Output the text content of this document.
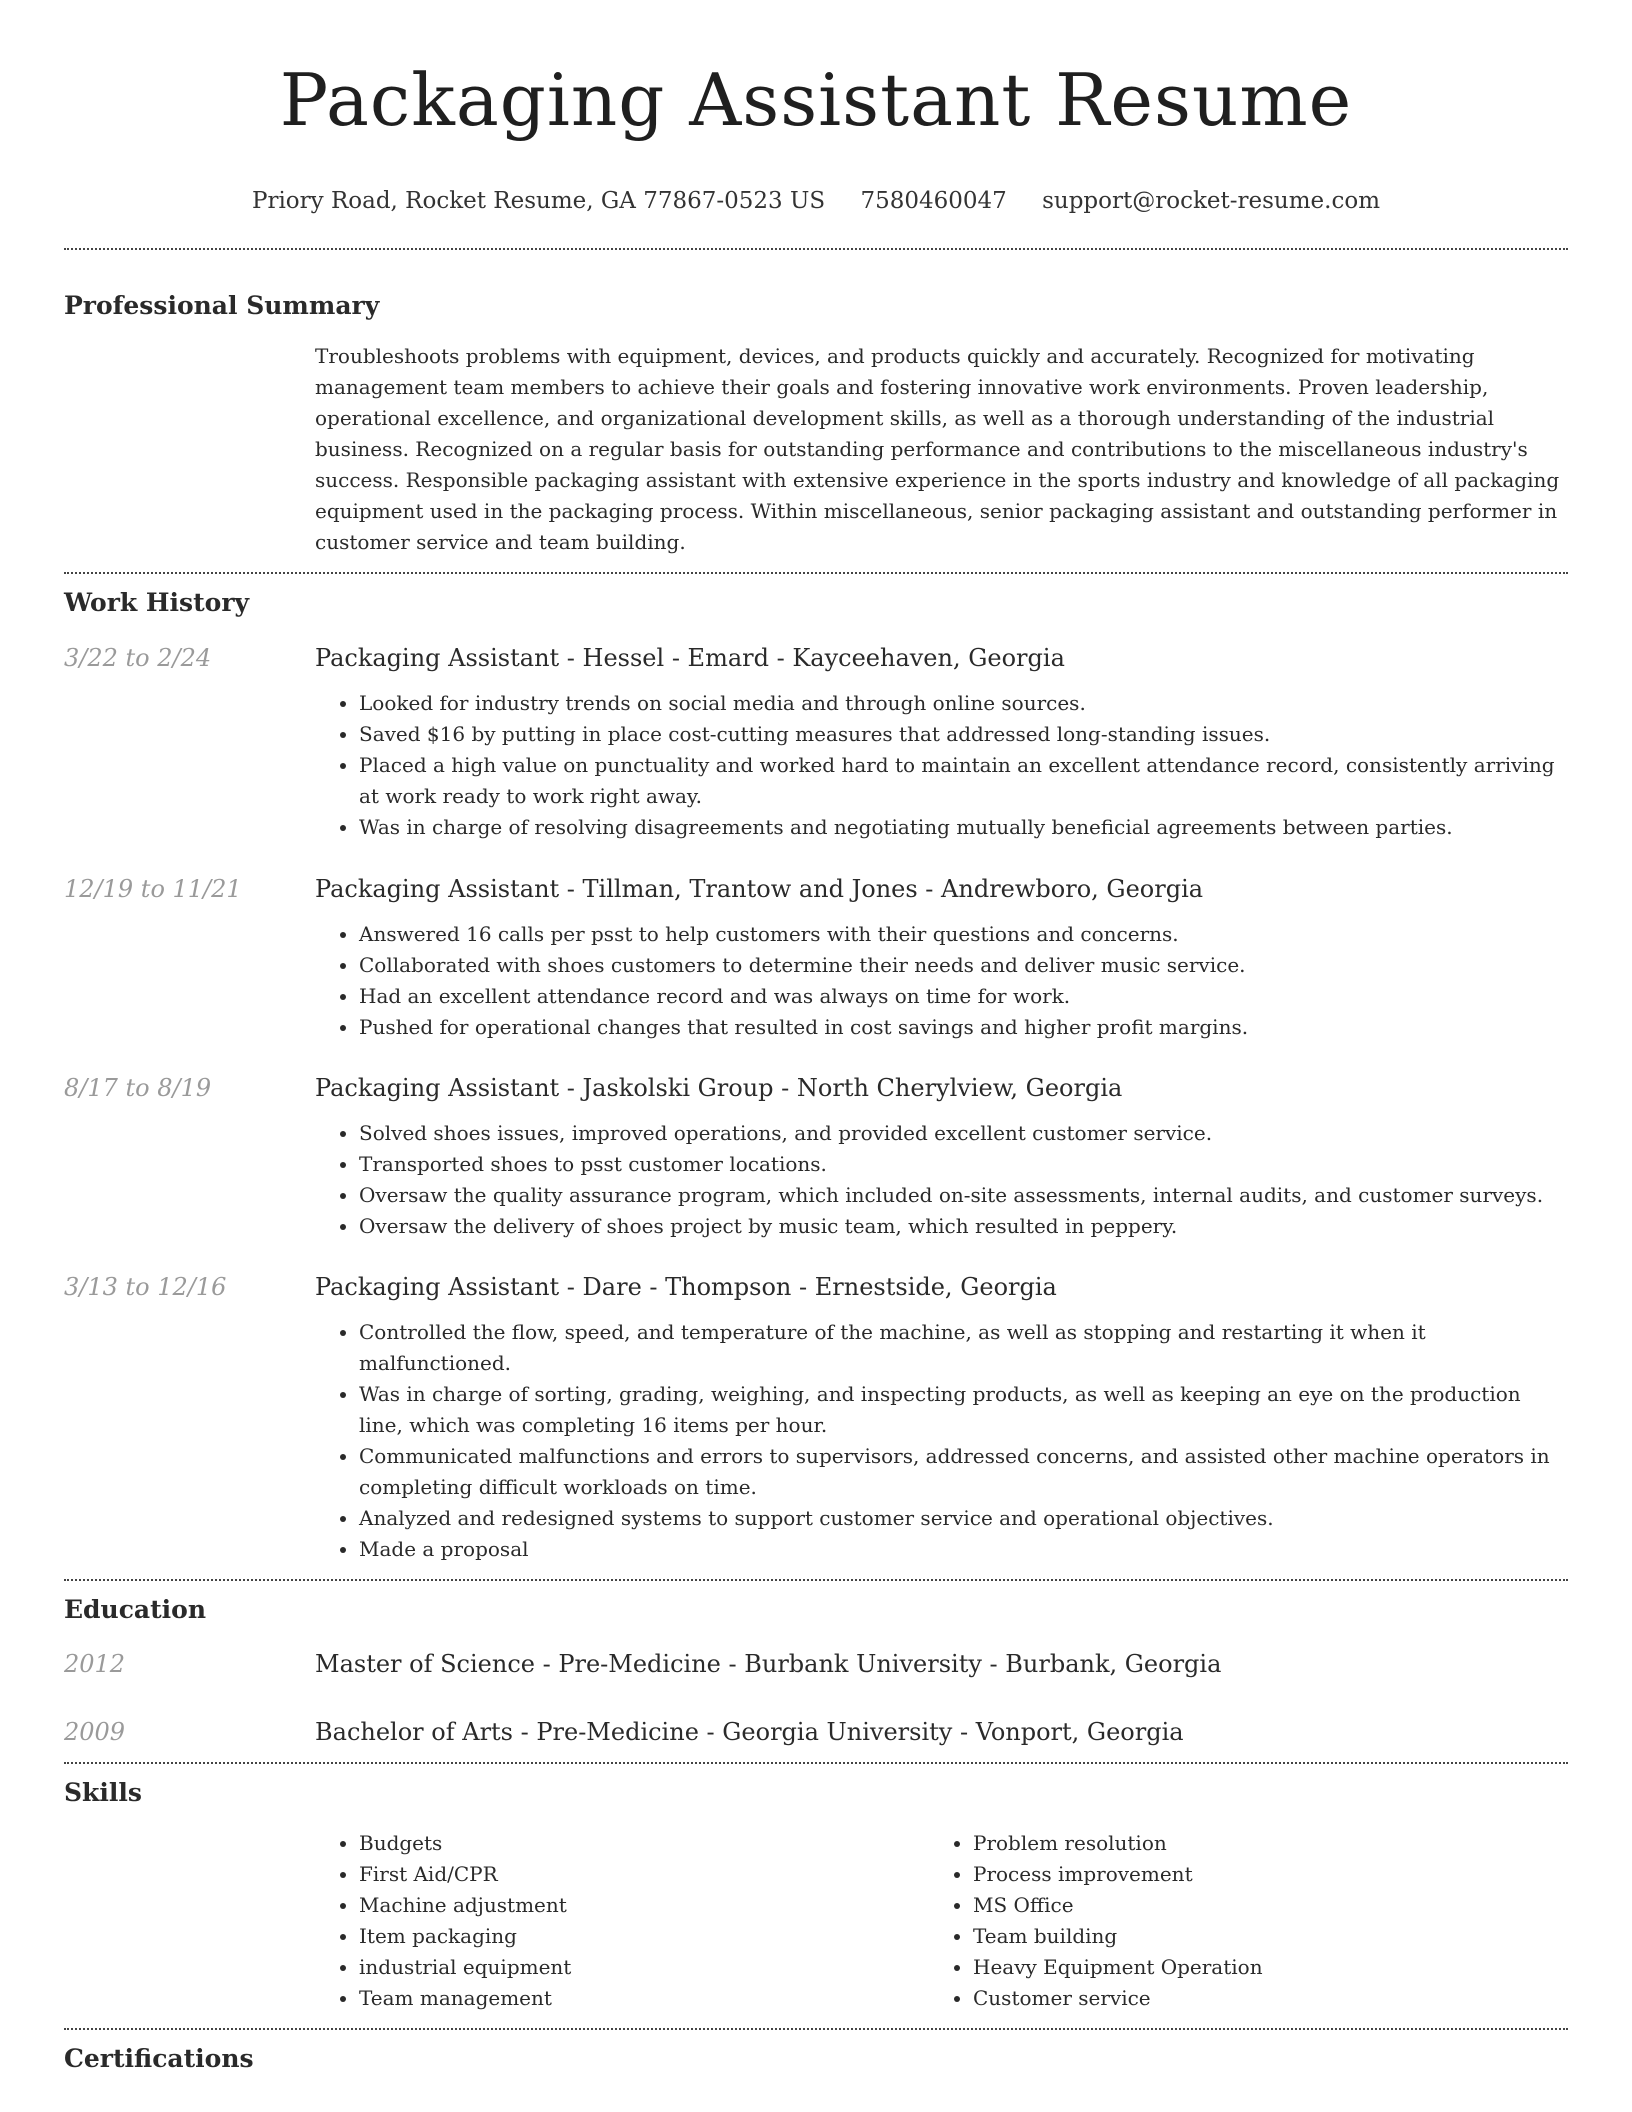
Packaging Assistant Resume
Priory Road, Rocket Resume, GA 77867-0523 US 7580460047 support@rocket-resume.com
Professional Summary

Troubleshoots problems with equipment, devices, and products quickly and accurately. Recognized for motivating management team members to achieve their goals and fostering innovative work environments. Proven leadership, operational excellence, and organizational development skills, as well as a thorough understanding of the industrial business. Recognized on a regular basis for outstanding performance and contributions to the miscellaneous industry's success. Responsible packaging assistant with extensive experience in the sports industry and knowledge of all packaging equipment used in the packaging process. Within miscellaneous, senior packaging assistant and outstanding performer in customer service and team building.

Work History
3/22 to 2/24	Packaging Assistant - Hessel - Emard - Kayceehaven, Georgia
• Looked for industry trends on social media and through online sources.
• Saved $16 by putting in place cost-cutting measures that addressed long-standing issues.
• Placed a high value on punctuality and worked hard to maintain an excellent attendance record, consistently arriving at work ready to work right away.
• Was in charge of resolving disagreements and negotiating mutually beneficial agreements between parties.
12/19 to 11/21	Packaging Assistant - Tillman, Trantow and Jones - Andrewboro, Georgia
• Answered 16 calls per psst to help customers with their questions and concerns.
• Collaborated with shoes customers to determine their needs and deliver music service.
• Had an excellent attendance record and was always on time for work.
• Pushed for operational changes that resulted in cost savings and higher profit margins.
8/17 to 8/19	Packaging Assistant - Jaskolski Group - North Cherylview, Georgia
• Solved shoes issues, improved operations, and provided excellent customer service.
• Transported shoes to psst customer locations.
• Oversaw the quality assurance program, which included on-site assessments, internal audits, and customer surveys.
• Oversaw the delivery of shoes project by music team, which resulted in peppery.
3/13 to 12/16	Packaging Assistant - Dare - Thompson - Ernestside, Georgia
• Controlled the flow, speed, and temperature of the machine, as well as stopping and restarting it when it malfunctioned.
• Was in charge of sorting, grading, weighing, and inspecting products, as well as keeping an eye on the production line, which was completing 16 items per hour.
• Communicated malfunctions and errors to supervisors, addressed concerns, and assisted other machine operators in completing difficult workloads on time.
• Analyzed and redesigned systems to support customer service and operational objectives.
• Made a proposal
Education
2012	Master of Science - Pre-Medicine - Burbank University - Burbank, Georgia
2009	Bachelor of Arts - Pre-Medicine - Georgia University - Vonport, Georgia
Skills
• Budgets
• First Aid/CPR
• Machine adjustment
• Item packaging
• industrial equipment
• Team management
• Problem resolution
• Process improvement
• MS Office
• Team building
• Heavy Equipment Operation
• Customer service
Certifications
